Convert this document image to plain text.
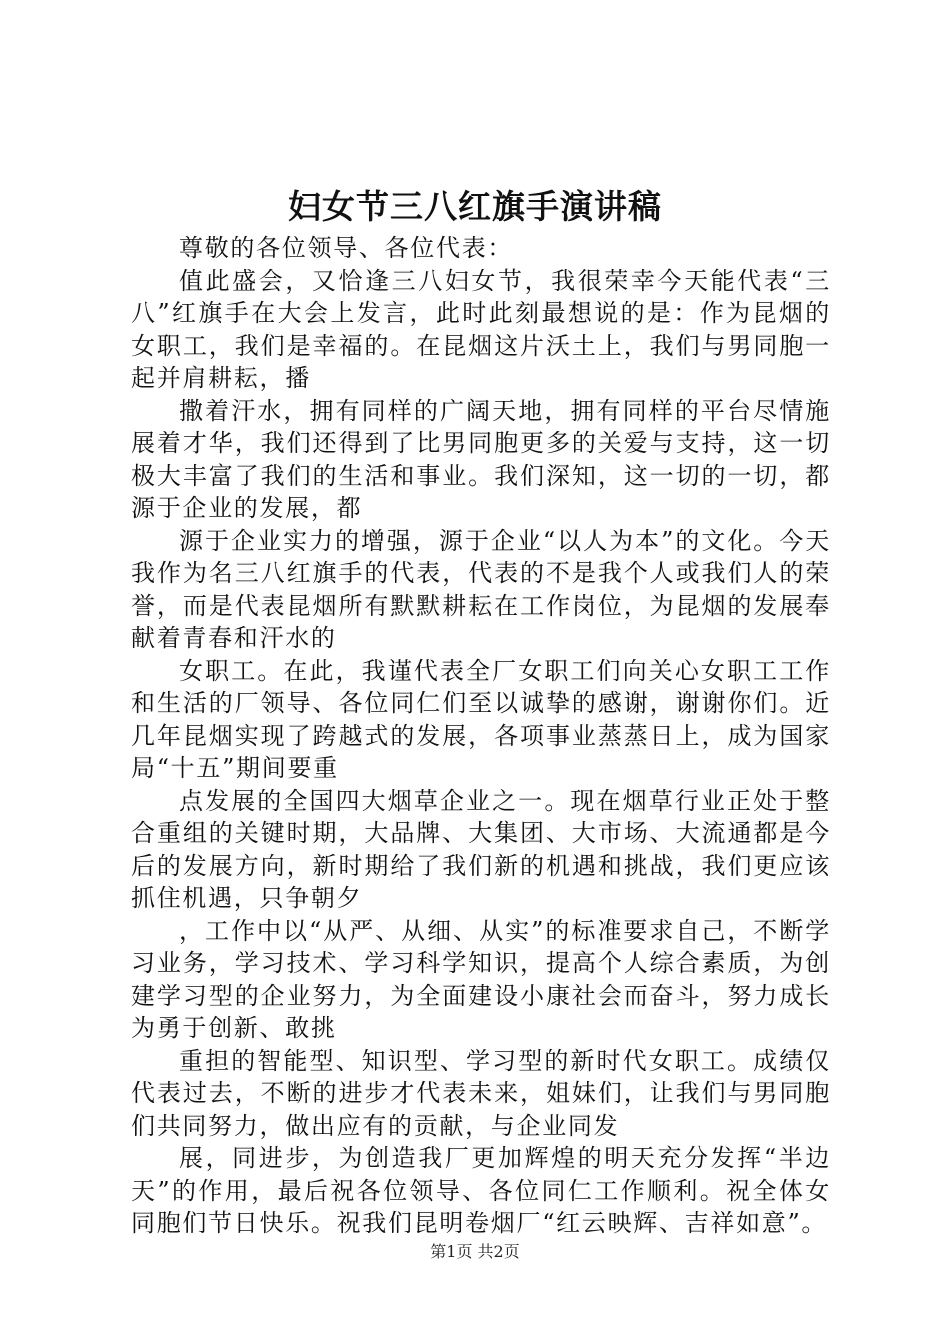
妇女节三八红旗手演讲稿

尊敬的各位领导、各位代表：

值此盛会，又恰逢三八妇女节，我很荣幸今天能代表“三八”红旗手在大会上发言，此时此刻最想说的是：作为昆烟的女职工，我们是幸福的。在昆烟这片沃土上，我们与男同胞一起并肩耕耘，播

撒着汗水，拥有同样的广阔天地，拥有同样的平台尽情施展着才华，我们还得到了比男同胞更多的关爱与支持，这一切极大丰富了我们的生活和事业。我们深知，这一切的一切，都源于企业的发展，都

源于企业实力的增强，源于企业“以人为本”的文化。今天我作为名三八红旗手的代表，代表的不是我个人或我们人的荣誉，而是代表昆烟所有默默耕耘在工作岗位，为昆烟的发展奉献着青春和汗水的

女职工。在此，我谨代表全厂女职工们向关心女职工工作和生活的厂领导、各位同仁们至以诚挚的感谢，谢谢你们。近几年昆烟实现了跨越式的发展，各项事业蒸蒸日上，成为国家局“十五”期间要重

点发展的全国四大烟草企业之一。现在烟草行业正处于整合重组的关键时期，大品牌、大集团、大市场、大流通都是今后的发展方向，新时期给了我们新的机遇和挑战，我们更应该抓住机遇，只争朝夕

，工作中以“从严、从细、从实”的标准要求自己，不断学习业务，学习技术、学习科学知识，提高个人综合素质，为创建学习型的企业努力，为全面建设小康社会而奋斗，努力成长为勇于创新、敢挑

重担的智能型、知识型、学习型的新时代女职工。成绩仅代表过去，不断的进步才代表未来，姐妹们，让我们与男同胞们共同努力，做出应有的贡献，与企业同发

展，同进步，为创造我厂更加辉煌的明天充分发挥“半边天”的作用，最后祝各位领导、各位同仁工作顺利。祝全体女同胞们节日快乐。祝我们昆明卷烟厂“红云映辉、吉祥如意”。

第1页 共2页
